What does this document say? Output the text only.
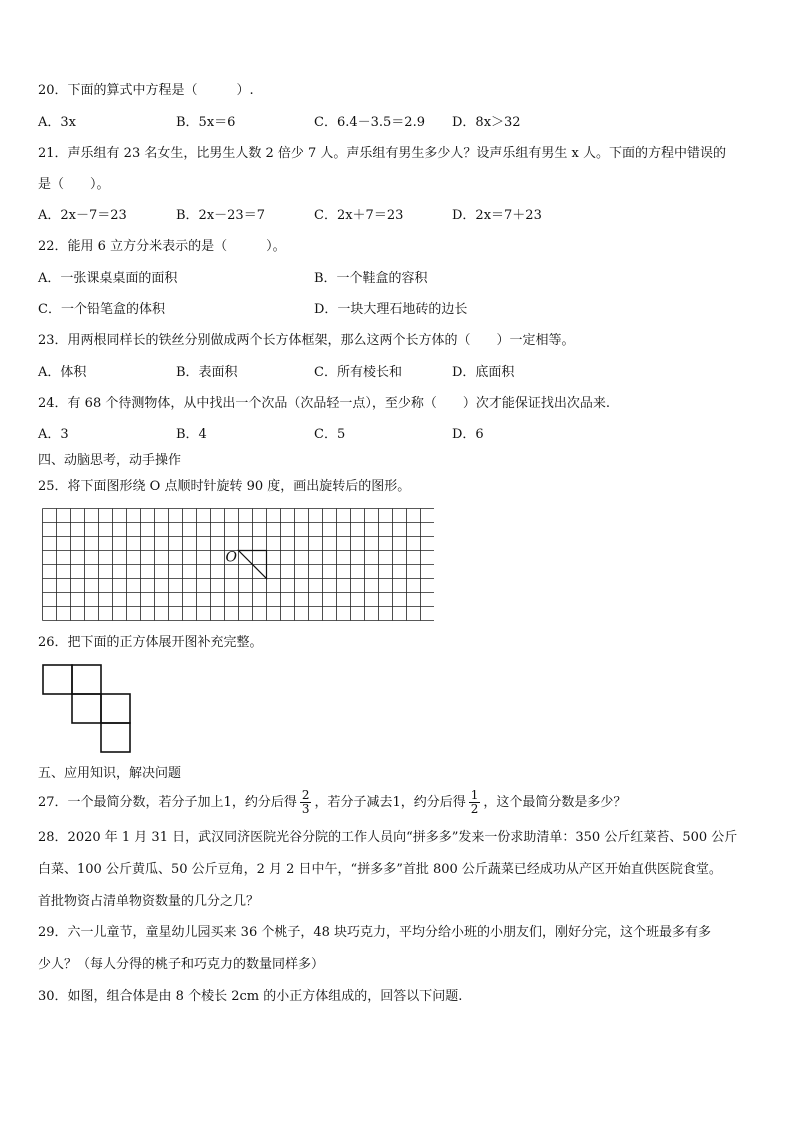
20．下面的算式中方程是（　　　）.
A．3x	B．5x＝6	C．6.4－3.5＝2.9 D．8x＞32
21．声乐组有 23 名女生，比男生人数 2 倍少 7 人。声乐组有男生多少人？设声乐组有男生 x 人。下面的方程中错误的
是（　　）。
A．2x－7＝23	B．2x－23＝7	C．2x＋7＝23	D．2x＝7＋23
22．能用 6 立方分米表示的是（　　　）。
A．一张课桌桌面的面积	B．一个鞋盒的容积
C．一个铅笔盒的体积	D．一块大理石地砖的边长
23．用两根同样长的铁丝分别做成两个长方体框架，那么这两个长方体的（　　）一定相等。
A．体积	B．表面积	C．所有棱长和	D．底面积
24．有 68 个待测物体，从中找出一个次品（次品轻一点），至少称（　　）次才能保证找出次品来.
A．3	B．4	C．5	D．6
四、动脑思考，动手操作
25．将下面图形绕 O 点顺时针旋转 90 度，画出旋转后的图形。
O
26．把下面的正方体展开图补充完整。
五、应用知识，解决问题
27．一个最简分数，若分子加上1，约分后得 $\frac{2}{3}$ ，若分子减去1，约分后得 $\frac{1}{2}$ ，这个最简分数是多少？
28．2020 年 1 月 31 日，武汉同济医院光谷分院的工作人员向“拼多多”发来一份求助清单：350 公斤红菜苔、500 公斤
白菜、100 公斤黄瓜、50 公斤豆角，2 月 2 日中午，“拼多多”首批 800 公斤蔬菜已经成功从产区开始直供医院食堂。
首批物资占清单物资数量的几分之几？
29．六一儿童节，童星幼儿园买来 36 个桃子，48 块巧克力，平均分给小班的小朋友们，刚好分完，这个班最多有多
少人？（每人分得的桃子和巧克力的数量同样多）
30．如图，组合体是由 8 个棱长 2cm 的小正方体组成的，回答以下问题.
